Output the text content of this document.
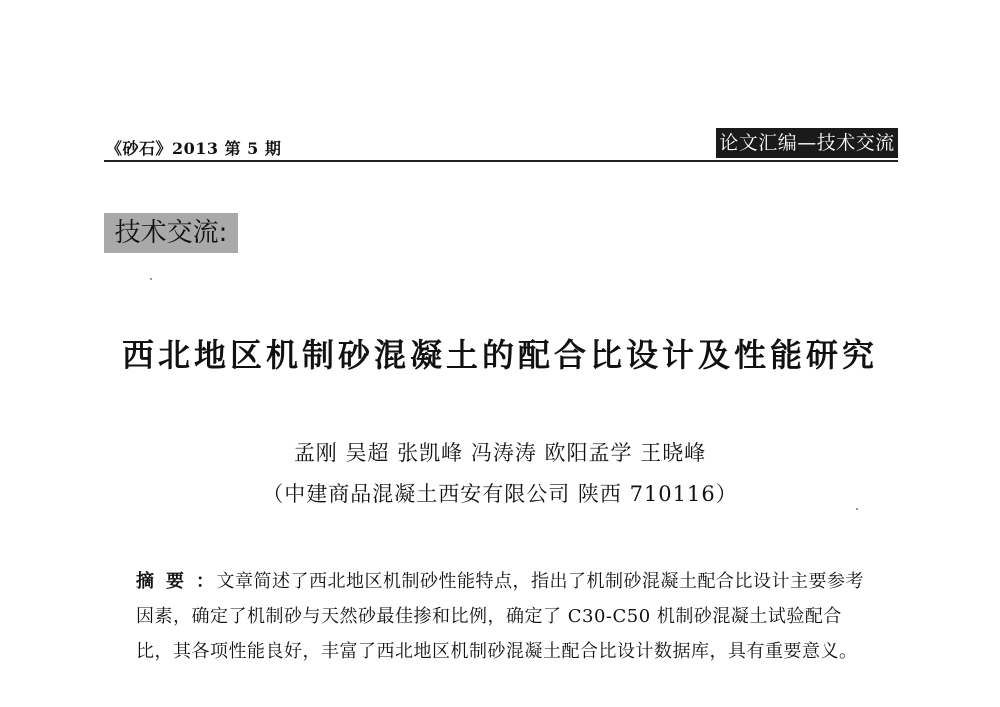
《砂石》2013 第 5 期	论文汇编—技术交流
技术交流:
西北地区机制砂混凝土的配合比设计及性能研究
孟刚 吴超 张凯峰 冯涛涛 欧阳孟学 王晓峰
（中建商品混凝土西安有限公司 陕西 710116）
摘要： 文章简述了西北地区机制砂性能特点，指出了机制砂混凝土配合比设计主要参考因素，确定了机制砂与天然砂最佳掺和比例，确定了 C30-C50 机制砂混凝土试验配合比，其各项性能良好，丰富了西北地区机制砂混凝土配合比设计数据库，具有重要意义。
